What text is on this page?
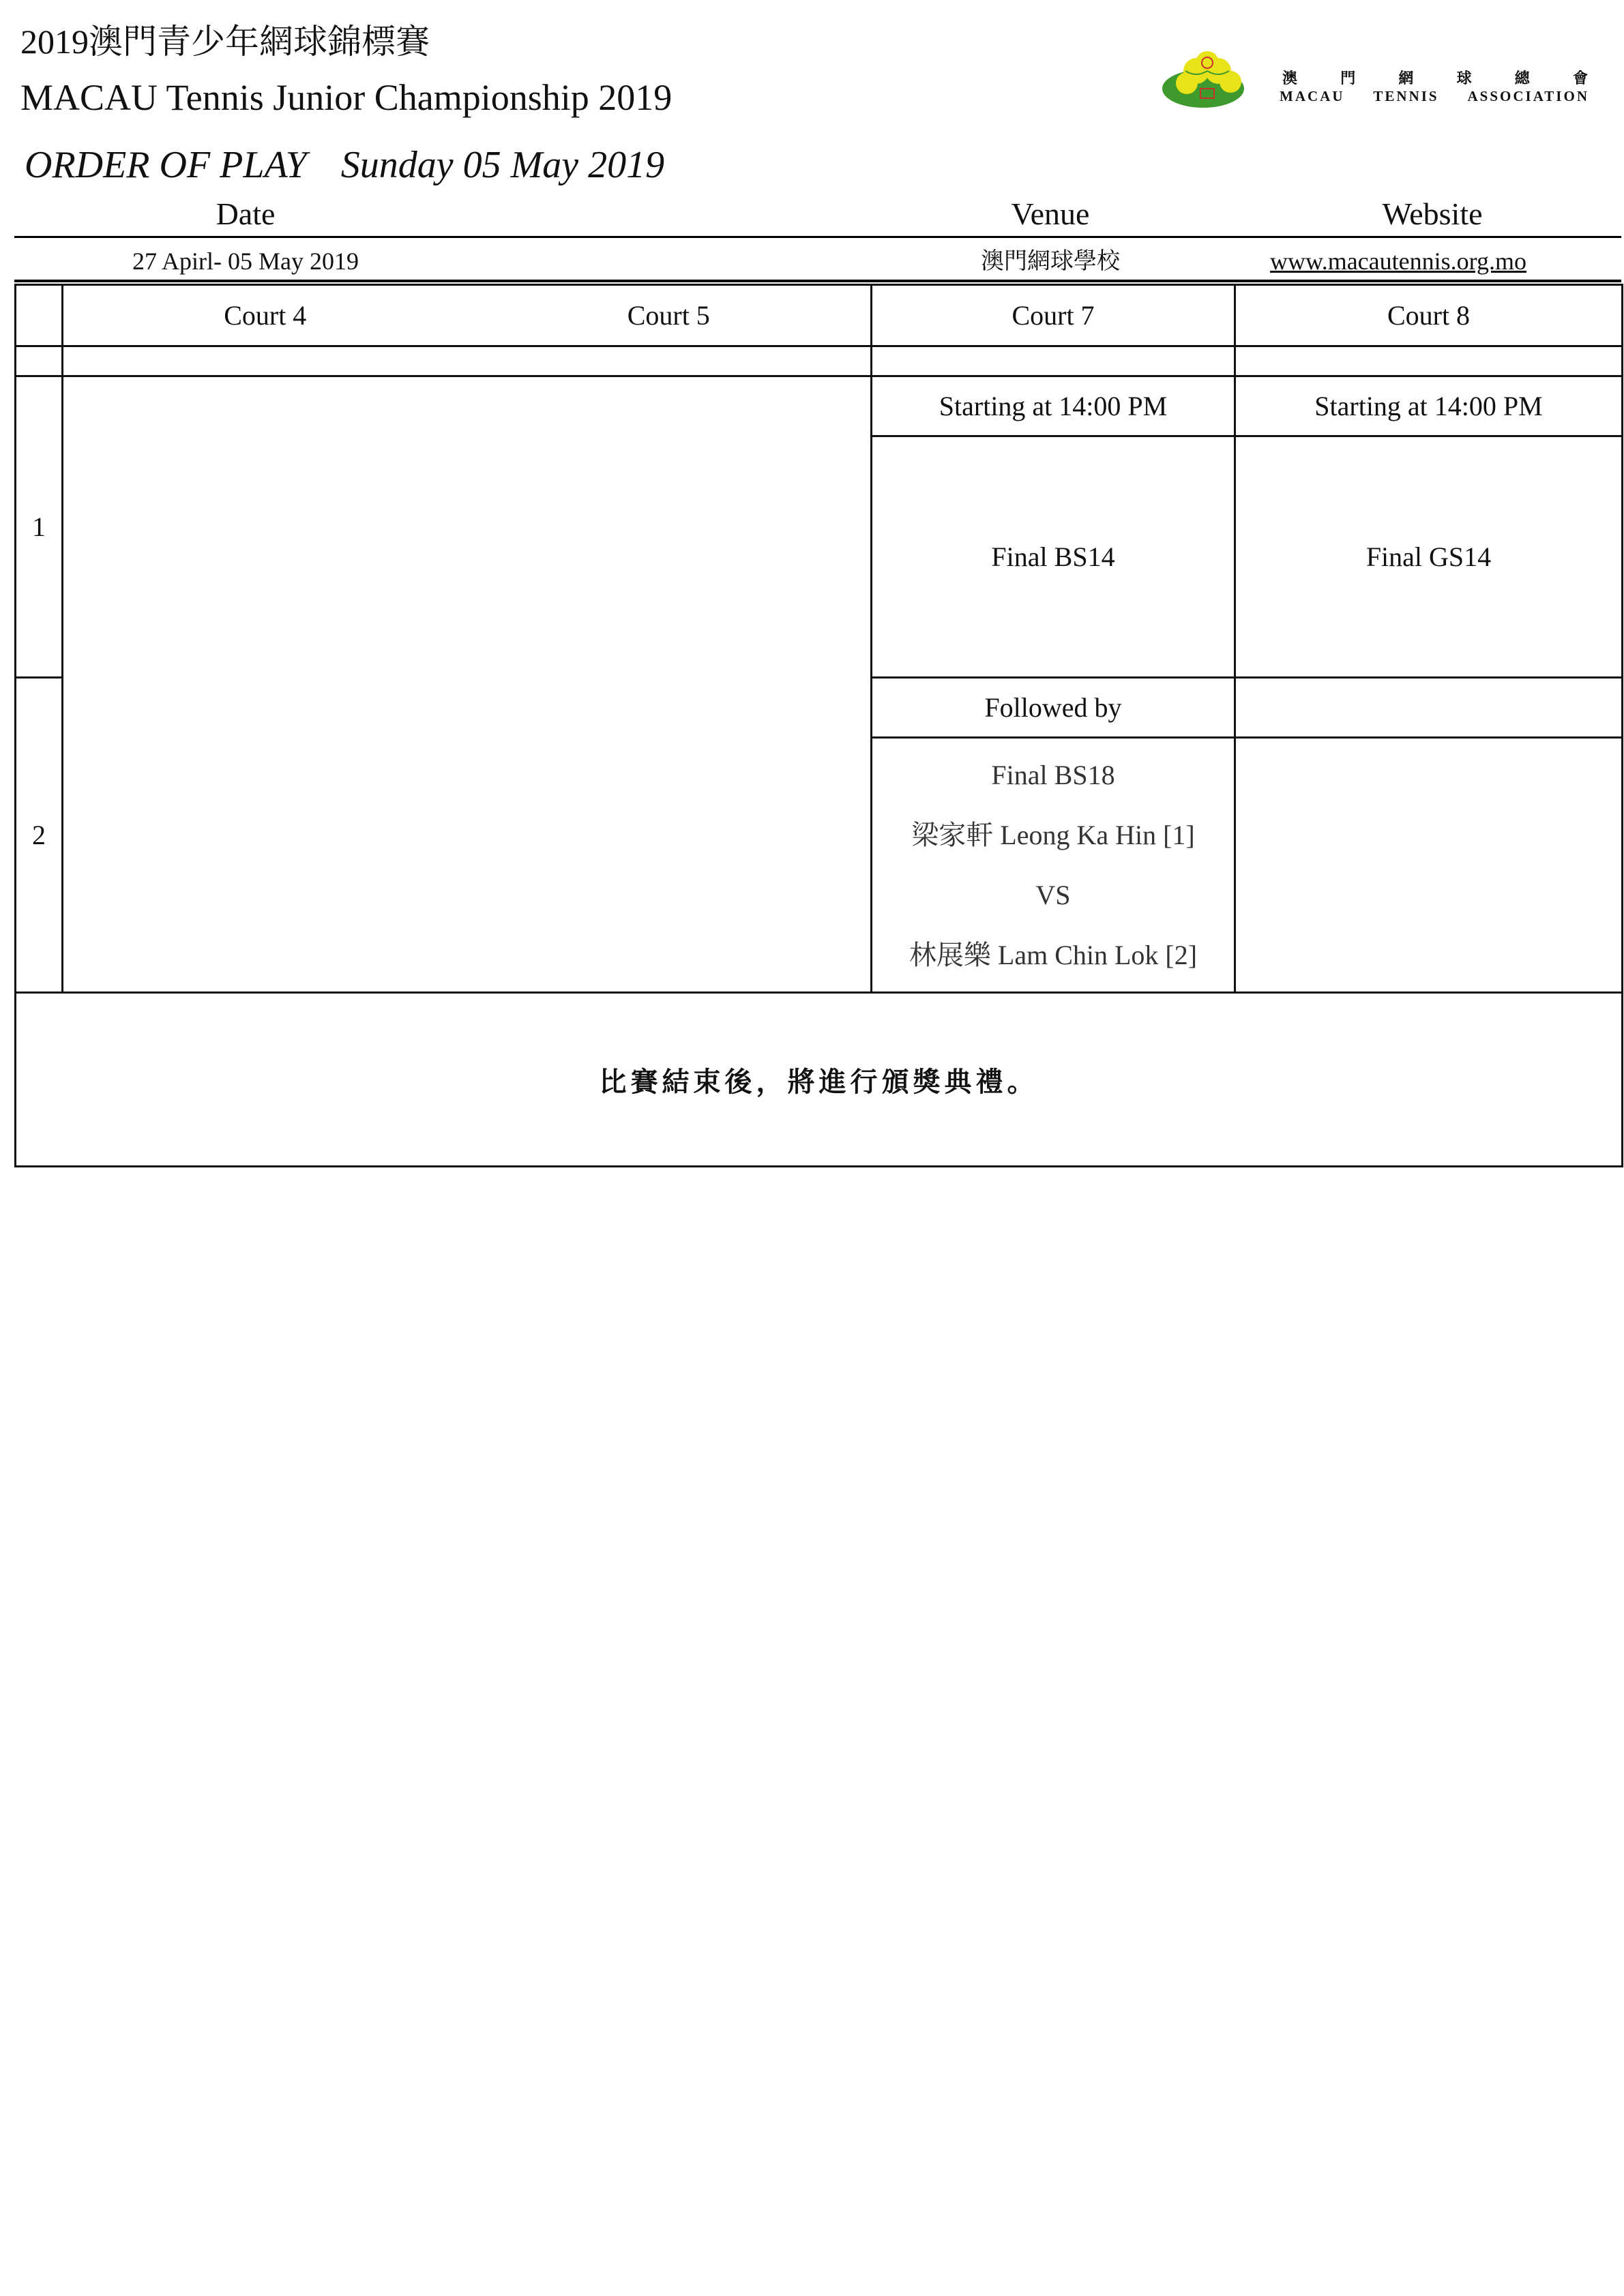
2019澳門青少年網球錦標賽
MACAU Tennis Junior Championship 2019
ORDER OF PLAY Sunday 05 May 2019
澳	門	網	球	總	會
MACAU TENNIS ASSOCIATION
Date	Venue	Website
27 Apirl- 05 May 2019	澳門網球學校	www.macautennis.org.mo
	Court 4	Court 5	Court 7	Court 8

1			Starting at 14:00 PM	Starting at 14:00 PM
			Final BS14	Final GS14
2			Followed by	

			Final BS18
梁家軒 Leong Ka Hin [1]
VS
林展樂 Lam Chin Lok [2]	

比賽結束後，將進行頒獎典禮。				
